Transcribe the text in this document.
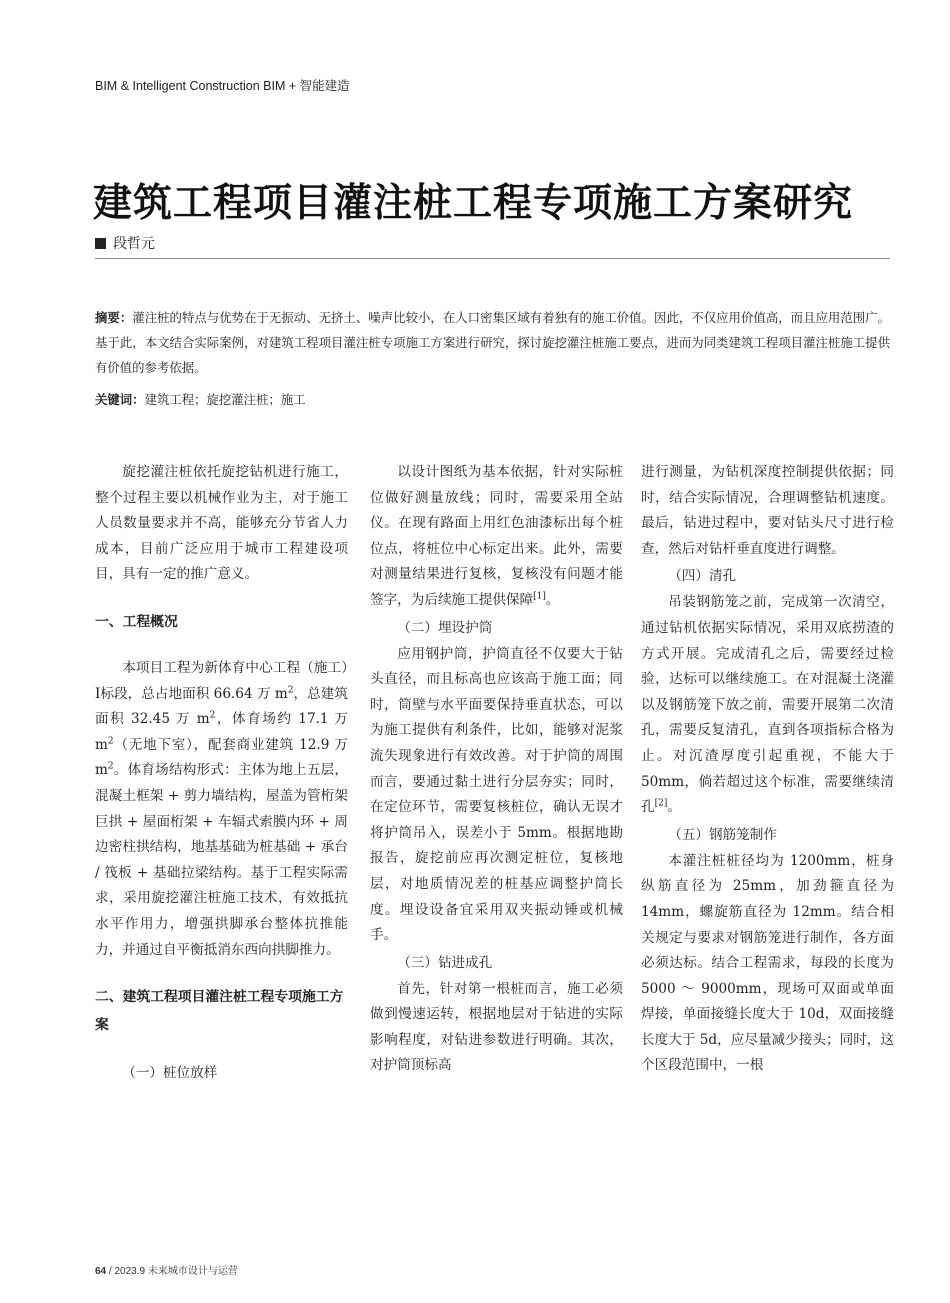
BIM & Intelligent Construction BIM + 智能建造
建筑工程项目灌注桩工程专项施工方案研究
段哲元
摘要：灌注桩的特点与优势在于无振动、无挤土、噪声比较小，在人口密集区域有着独有的施工价值。因此，不仅应用价值高，而且应用范围广。基于此，本文结合实际案例，对建筑工程项目灌注桩专项施工方案进行研究，探讨旋挖灌注桩施工要点，进而为同类建筑工程项目灌注桩施工提供有价值的参考依据。
关键词：建筑工程；旋挖灌注桩；施工

旋挖灌注桩依托旋挖钻机进行施工，整个过程主要以机械作业为主，对于施工人员数量要求并不高，能够充分节省人力成本，目前广泛应用于城市工程建设项目，具有一定的推广意义。

一、工程概况

本项目工程为新体育中心工程（施工）Ⅰ标段，总占地面积 66.64 万 m$^2$，总建筑面积 32.45 万 m$^2$，体育场约 17.1 万 m$^2$（无地下室），配套商业建筑 12.9 万 m$^2$。体育场结构形式：主体为地上五层，混凝土框架 + 剪力墙结构，屋盖为管桁架巨拱 + 屋面桁架 + 车辐式索膜内环 + 周边密柱拱结构，地基基础为桩基础 + 承台 / 筏板 + 基础拉梁结构。基于工程实际需求，采用旋挖灌注桩施工技术，有效抵抗水平作用力，增强拱脚承台整体抗推能力，并通过自平衡抵消东西向拱脚推力。

二、建筑工程项目灌注桩工程专项施工方案
（一）桩位放样

以设计图纸为基本依据，针对实际桩位做好测量放线；同时，需要采用全站仪。在现有路面上用红色油漆标出每个桩位点，将桩位中心标定出来。此外，需要对测量结果进行复核，复核没有问题才能签字，为后续施工提供保障[1]。

（二）埋设护筒

应用钢护筒，护筒直径不仅要大于钻头直径，而且标高也应该高于施工面；同时，筒壁与水平面要保持垂直状态，可以为施工提供有利条件，比如，能够对泥浆流失现象进行有效改善。对于护筒的周围而言，要通过黏土进行分层夯实；同时，在定位环节，需要复核桩位，确认无误才将护筒吊入，误差小于 5mm。根据地勘报告，旋挖前应再次测定桩位，复核地层，对地质情况差的桩基应调整护筒长度。埋设设备宜采用双夹振动锤或机械手。

（三）钻进成孔

首先，针对第一根桩而言，施工必须做到慢速运转，根据地层对于钻进的实际影响程度，对钻进参数进行明确。其次，对护筒顶标高

进行测量，为钻机深度控制提供依据；同时，结合实际情况，合理调整钻机速度。最后，钻进过程中，要对钻头尺寸进行检查，然后对钻杆垂直度进行调整。

（四）清孔

吊装钢筋笼之前，完成第一次清空，通过钻机依据实际情况，采用双底捞渣的方式开展。完成清孔之后，需要经过检验，达标可以继续施工。在对混凝土浇灌以及钢筋笼下放之前，需要开展第二次清孔，需要反复清孔，直到各项指标合格为止。对沉渣厚度引起重视，不能大于 50mm，倘若超过这个标准，需要继续清孔[2]。

（五）钢筋笼制作

本灌注桩桩径均为 1200mm，桩身纵筋直径为 25mm，加劲箍直径为 14mm，螺旋筋直径为 12mm。结合相关规定与要求对钢筋笼进行制作，各方面必须达标。结合工程需求，每段的长度为 5000 ～ 9000mm，现场可双面或单面焊接，单面接缝长度大于 10d，双面接缝长度大于 5d，应尽量减少接头；同时，这个区段范围中，一根

64 / 2023.9 未来城市设计与运营
